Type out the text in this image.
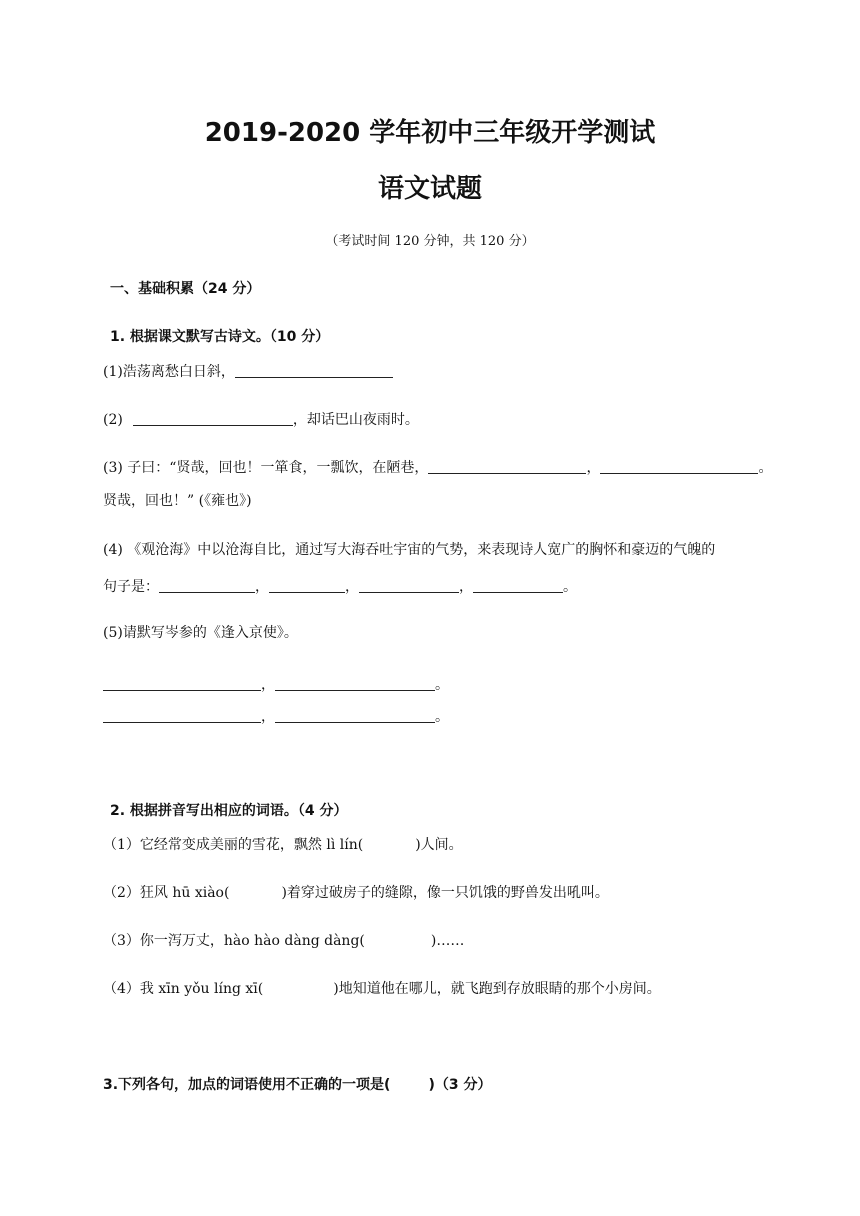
2019-2020 学年初中三年级开学测试
语文试题
（考试时间 120 分钟，共 120 分）
一、基础积累（24 分）
1. 根据课文默写古诗文。（10 分）
(1)浩荡离愁白日斜，
(2)	，却话巴山夜雨时。
(3) 子曰：“贤哉，回也！一箪食，一瓢饮，在陋巷，	，	。
贤哉，回也！” (《雍也》)
(4) 《观沧海》中以沧海自比，通过写大海吞吐宇宙的气势，来表现诗人宽广的胸怀和豪迈的气魄的
句子是：	，	，	，	。
(5)请默写岑参的《逢入京使》。
，	。
，	。
2. 根据拼音写出相应的词语。（4 分）
（1）它经常变成美丽的雪花，飘然 lì lín(	)人间。
（2）狂风 hū xiào(	)着穿过破房子的缝隙，像一只饥饿的野兽发出吼叫。
（3）你一泻万丈，hào hào dàng dàng(	)……
（4）我 xīn yǒu líng xī(	)地知道他在哪儿，就飞跑到存放眼睛的那个小房间。
3.下列各句，加点的词语使用不正确的一项是(	)（3 分）
